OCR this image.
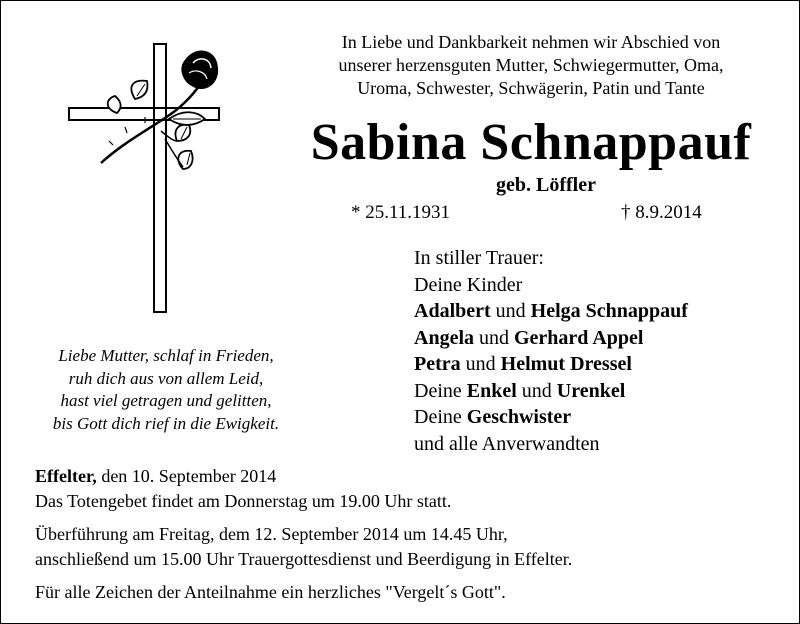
In Liebe und Dankbarkeit nehmen wir Abschied von
unserer herzensguten Mutter, Schwiegermutter, Oma,
Uroma, Schwester, Schwägerin, Patin und Tante
Sabina Schnappauf
geb. Löffler
* 25.11.1931	† 8.9.2014
In stiller Trauer:
Deine Kinder
Adalbert und Helga Schnappauf
Angela und Gerhard Appel
Petra und Helmut Dressel
Deine Enkel und Urenkel
Deine Geschwister
und alle Anverwandten
Liebe Mutter, schlaf in Frieden,
ruh dich aus von allem Leid,
hast viel getragen und gelitten,
bis Gott dich rief in die Ewigkeit.
Effelter, den 10. September 2014
Das Totengebet findet am Donnerstag um 19.00 Uhr statt.
Überführung am Freitag, dem 12. September 2014 um 14.45 Uhr,
anschließend um 15.00 Uhr Trauergottesdienst und Beerdigung in Effelter.
Für alle Zeichen der Anteilnahme ein herzliches "Vergelt´s Gott".
